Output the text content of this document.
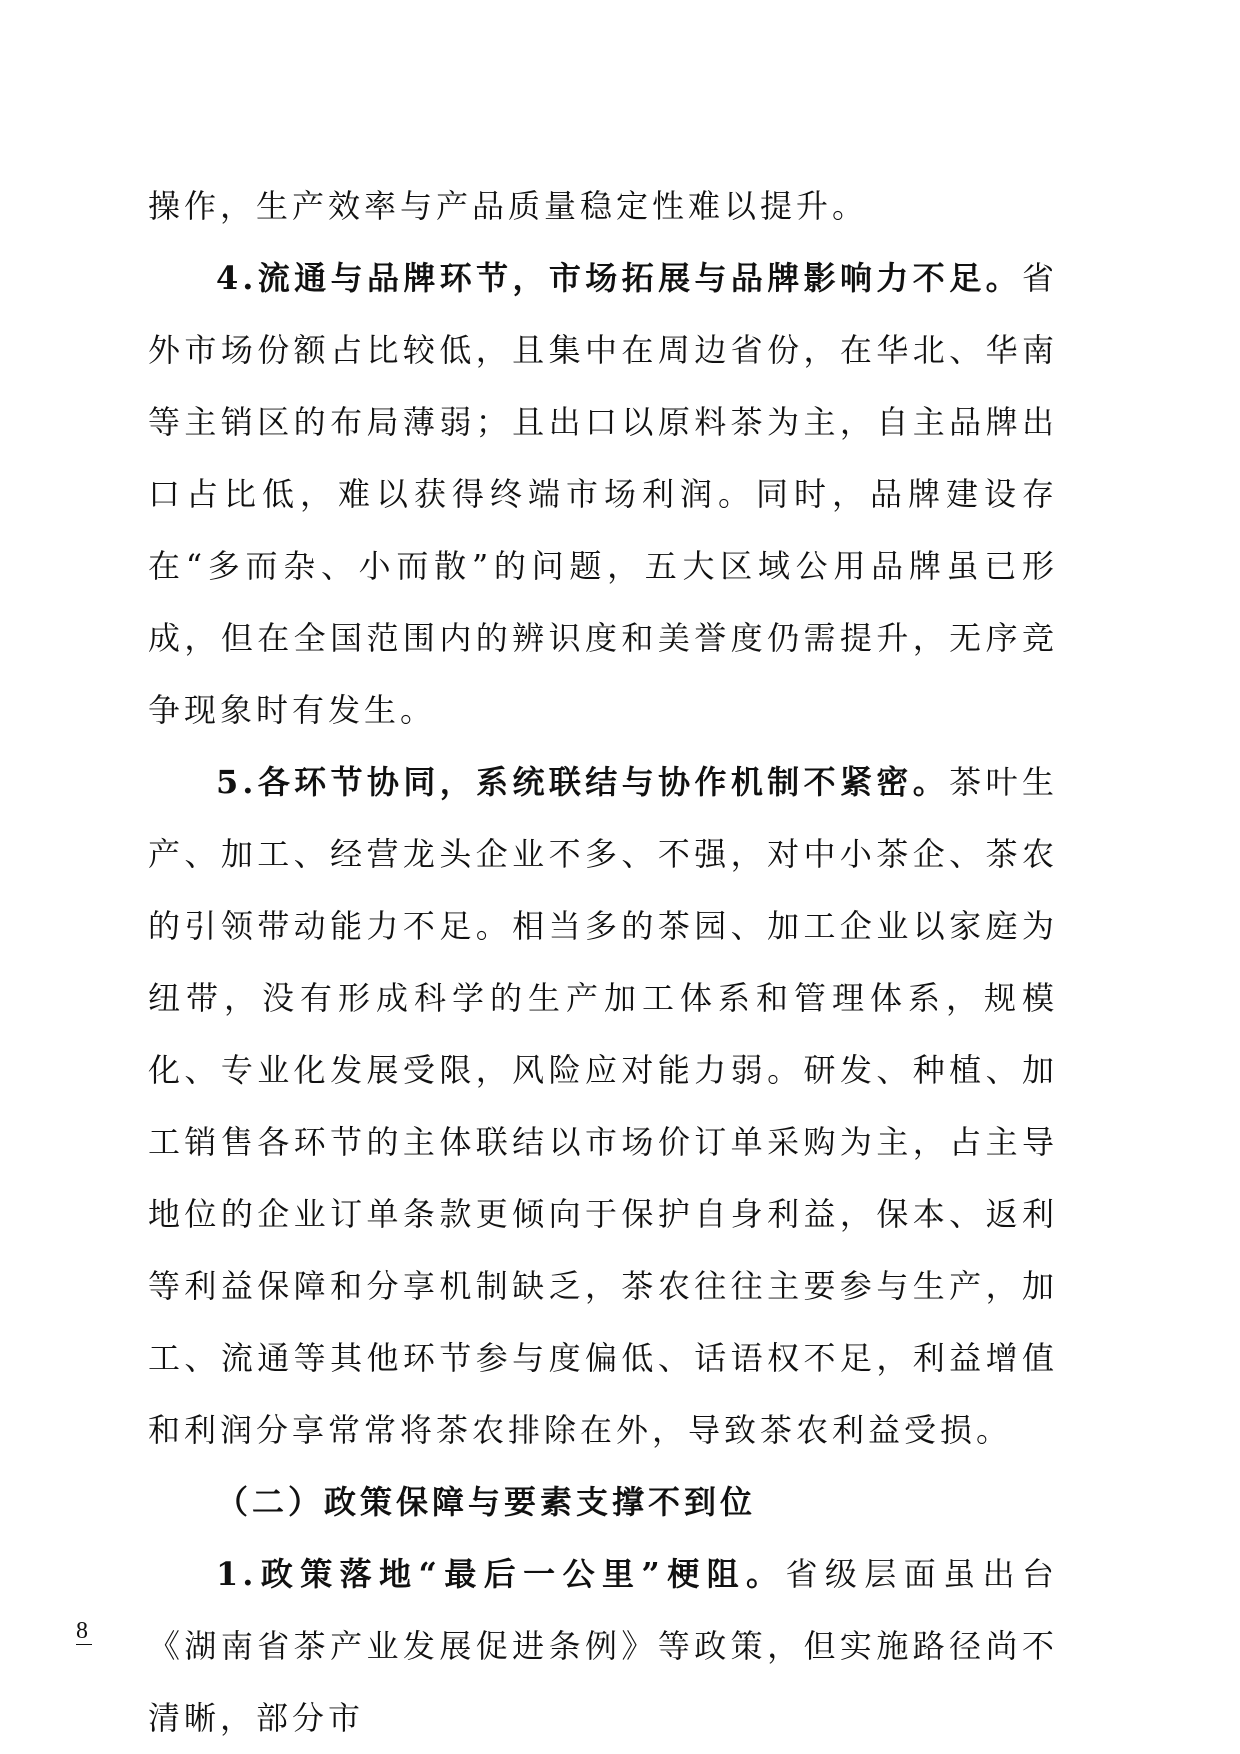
操作，生产效率与产品质量稳定性难以提升。

4.流通与品牌环节，市场拓展与品牌影响力不足。省外市场份额占比较低，且集中在周边省份，在华北、华南等主销区的布局薄弱；且出口以原料茶为主，自主品牌出口占比低，难以获得终端市场利润。同时，品牌建设存在“多而杂、小而散”的问题，五大区域公用品牌虽已形成，但在全国范围内的辨识度和美誉度仍需提升，无序竞争现象时有发生。

5.各环节协同，系统联结与协作机制不紧密。茶叶生产、加工、经营龙头企业不多、不强，对中小茶企、茶农的引领带动能力不足。相当多的茶园、加工企业以家庭为纽带，没有形成科学的生产加工体系和管理体系，规模化、专业化发展受限，风险应对能力弱。研发、种植、加工销售各环节的主体联结以市场价订单采购为主，占主导地位的企业订单条款更倾向于保护自身利益，保本、返利等利益保障和分享机制缺乏，茶农往往主要参与生产，加工、流通等其他环节参与度偏低、话语权不足，利益增值和利润分享常常将茶农排除在外，导致茶农利益受损。

（二）政策保障与要素支撑不到位

1.政策落地“最后一公里”梗阻。省级层面虽出台《湖南省茶产业发展促进条例》等政策，但实施路径尚不清晰，部分市

8
